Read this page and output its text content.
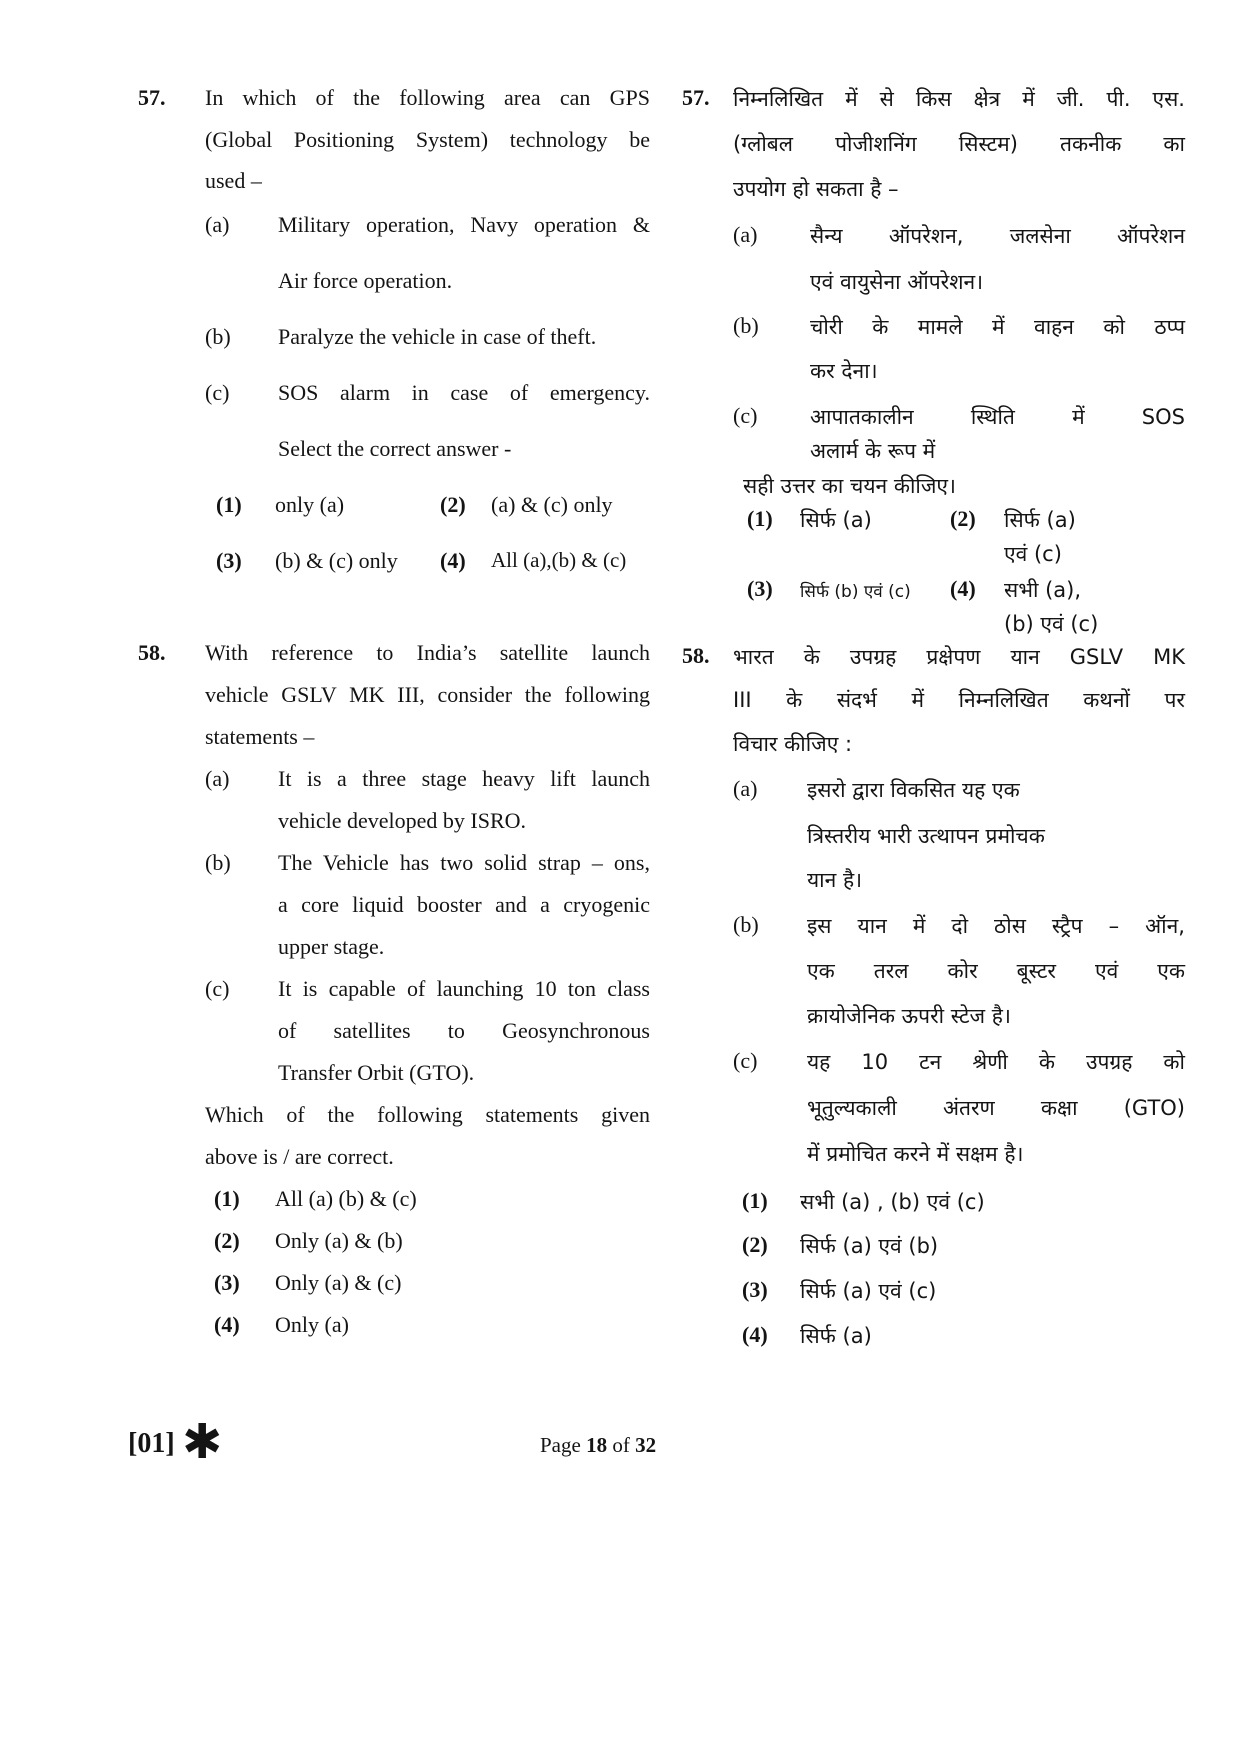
57. In which of the following area can GPS
(Global Positioning System) technology be
used –
(a) Military operation, Navy operation &
Air force operation.
(b) Paralyze the vehicle in case of theft.
(c) SOS alarm in case of emergency.
Select the correct answer -
(1) only (a)	(2) (a) & (c) only
(3) (b) & (c) only (4) All (a),(b) & (c)
58. With reference to India’s satellite launch
vehicle GSLV MK III, consider the following
statements –
(a) It is a three stage heavy lift launch
vehicle developed by ISRO.
(b) The Vehicle has two solid strap – ons,
a core liquid booster and a cryogenic
upper stage.
(c) It is capable of launching 10 ton class
of satellites to Geosynchronous
Transfer Orbit (GTO).
Which of the following statements given
above is / are correct.
(1) All (a) (b) & (c)
(2) Only (a) & (b)
(3) Only (a) & (c)
(4) Only (a)
57. निम्नलिखित में से किस क्षेत्र में जी. पी. एस.
(ग्लोबल पोजीशनिंग सिस्टम) तकनीक का
उपयोग हो सकता है –
(a)	सैन्य ऑपरेशन, जलसेना ऑपरेशन
एवं वायुसेना ऑपरेशन।
(b) चोरी के मामले में वाहन को ठप्प
कर देना।
(c)	आपातकालीन स्थिति में SOS
अलार्म के रूप में
सही उत्तर का चयन कीजिए।
(1) सिर्फ (a)	(2) सिर्फ (a)
एवं (c)
(3) सिर्फ (b) एवं (c) (4) सभी (a),
(b) एवं (c)
58. भारत के उपग्रह प्रक्षेपण यान GSLV MK
III के संदर्भ में निम्नलिखित कथनों पर
विचार कीजिए :
(a) इसरो द्वारा विकसित यह एक
त्रिस्तरीय भारी उत्थापन प्रमोचक
यान है।
(b) इस यान में दो ठोस स्ट्रैप – ऑन,
एक तरल कोर बूस्टर एवं एक
क्रायोजेनिक ऊपरी स्टेज है।
(c) यह 10 टन श्रेणी के उपग्रह को
भूतुल्यकाली अंतरण कक्षा (GTO)
में प्रमोचित करने में सक्षम है।
(1) सभी (a) , (b) एवं (c)
(2) सिर्फ (a) एवं (b)
(3) सिर्फ (a) एवं (c)
(4) सिर्फ (a)
[01] ✱	Page 18 of 32
